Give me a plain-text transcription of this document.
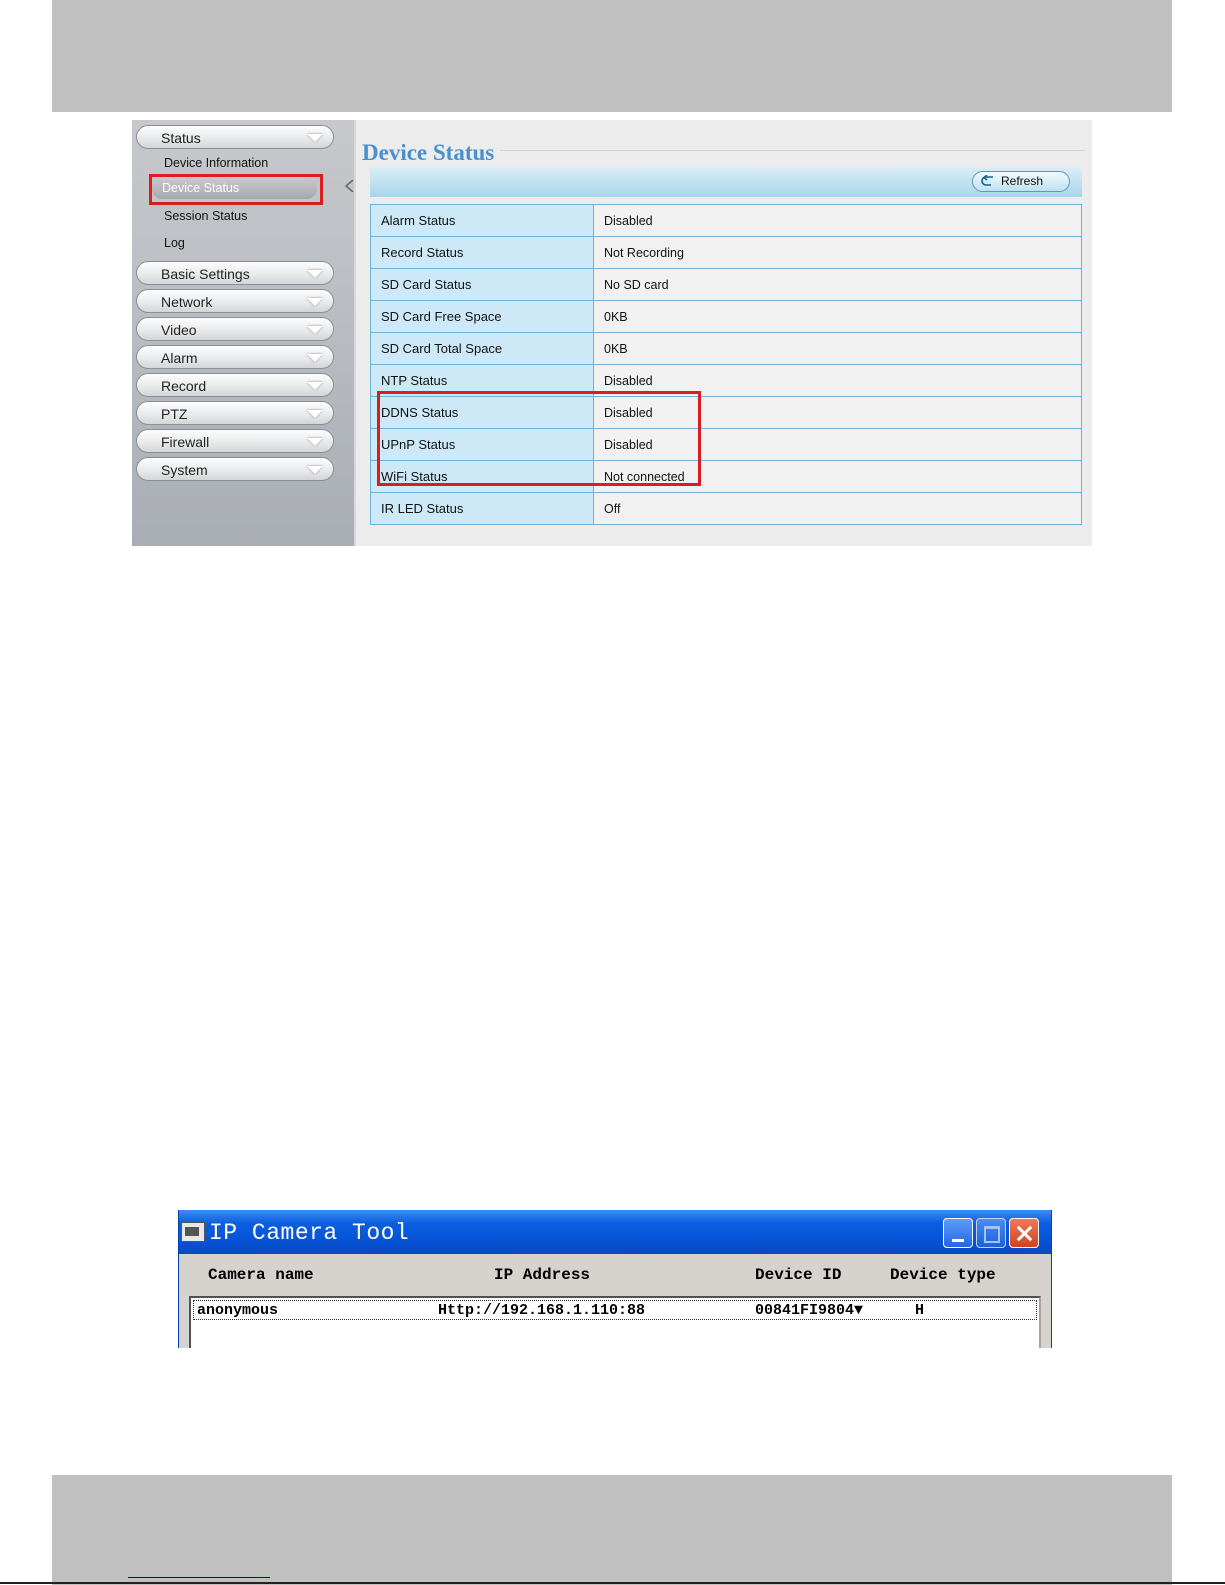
Status
Device Information
Device Status
Session Status
Log
Basic Settings
Network
Video
Alarm
Record
PTZ
Firewall
System
Device Status
Refresh
Alarm Status	Disabled
Record Status	Not Recording
SD Card Status	No SD card
SD Card Free Space	0KB
SD Card Total Space	0KB
NTP Status	Disabled
DDNS Status	Disabled
UPnP Status	Disabled
WiFi Status	Not connected
IR LED Status	Off
IP Camera Tool
Camera name	IP Address	Device ID	Device type
anonymous	Http://192.168.1.110:88	00841FI9804▼	H
